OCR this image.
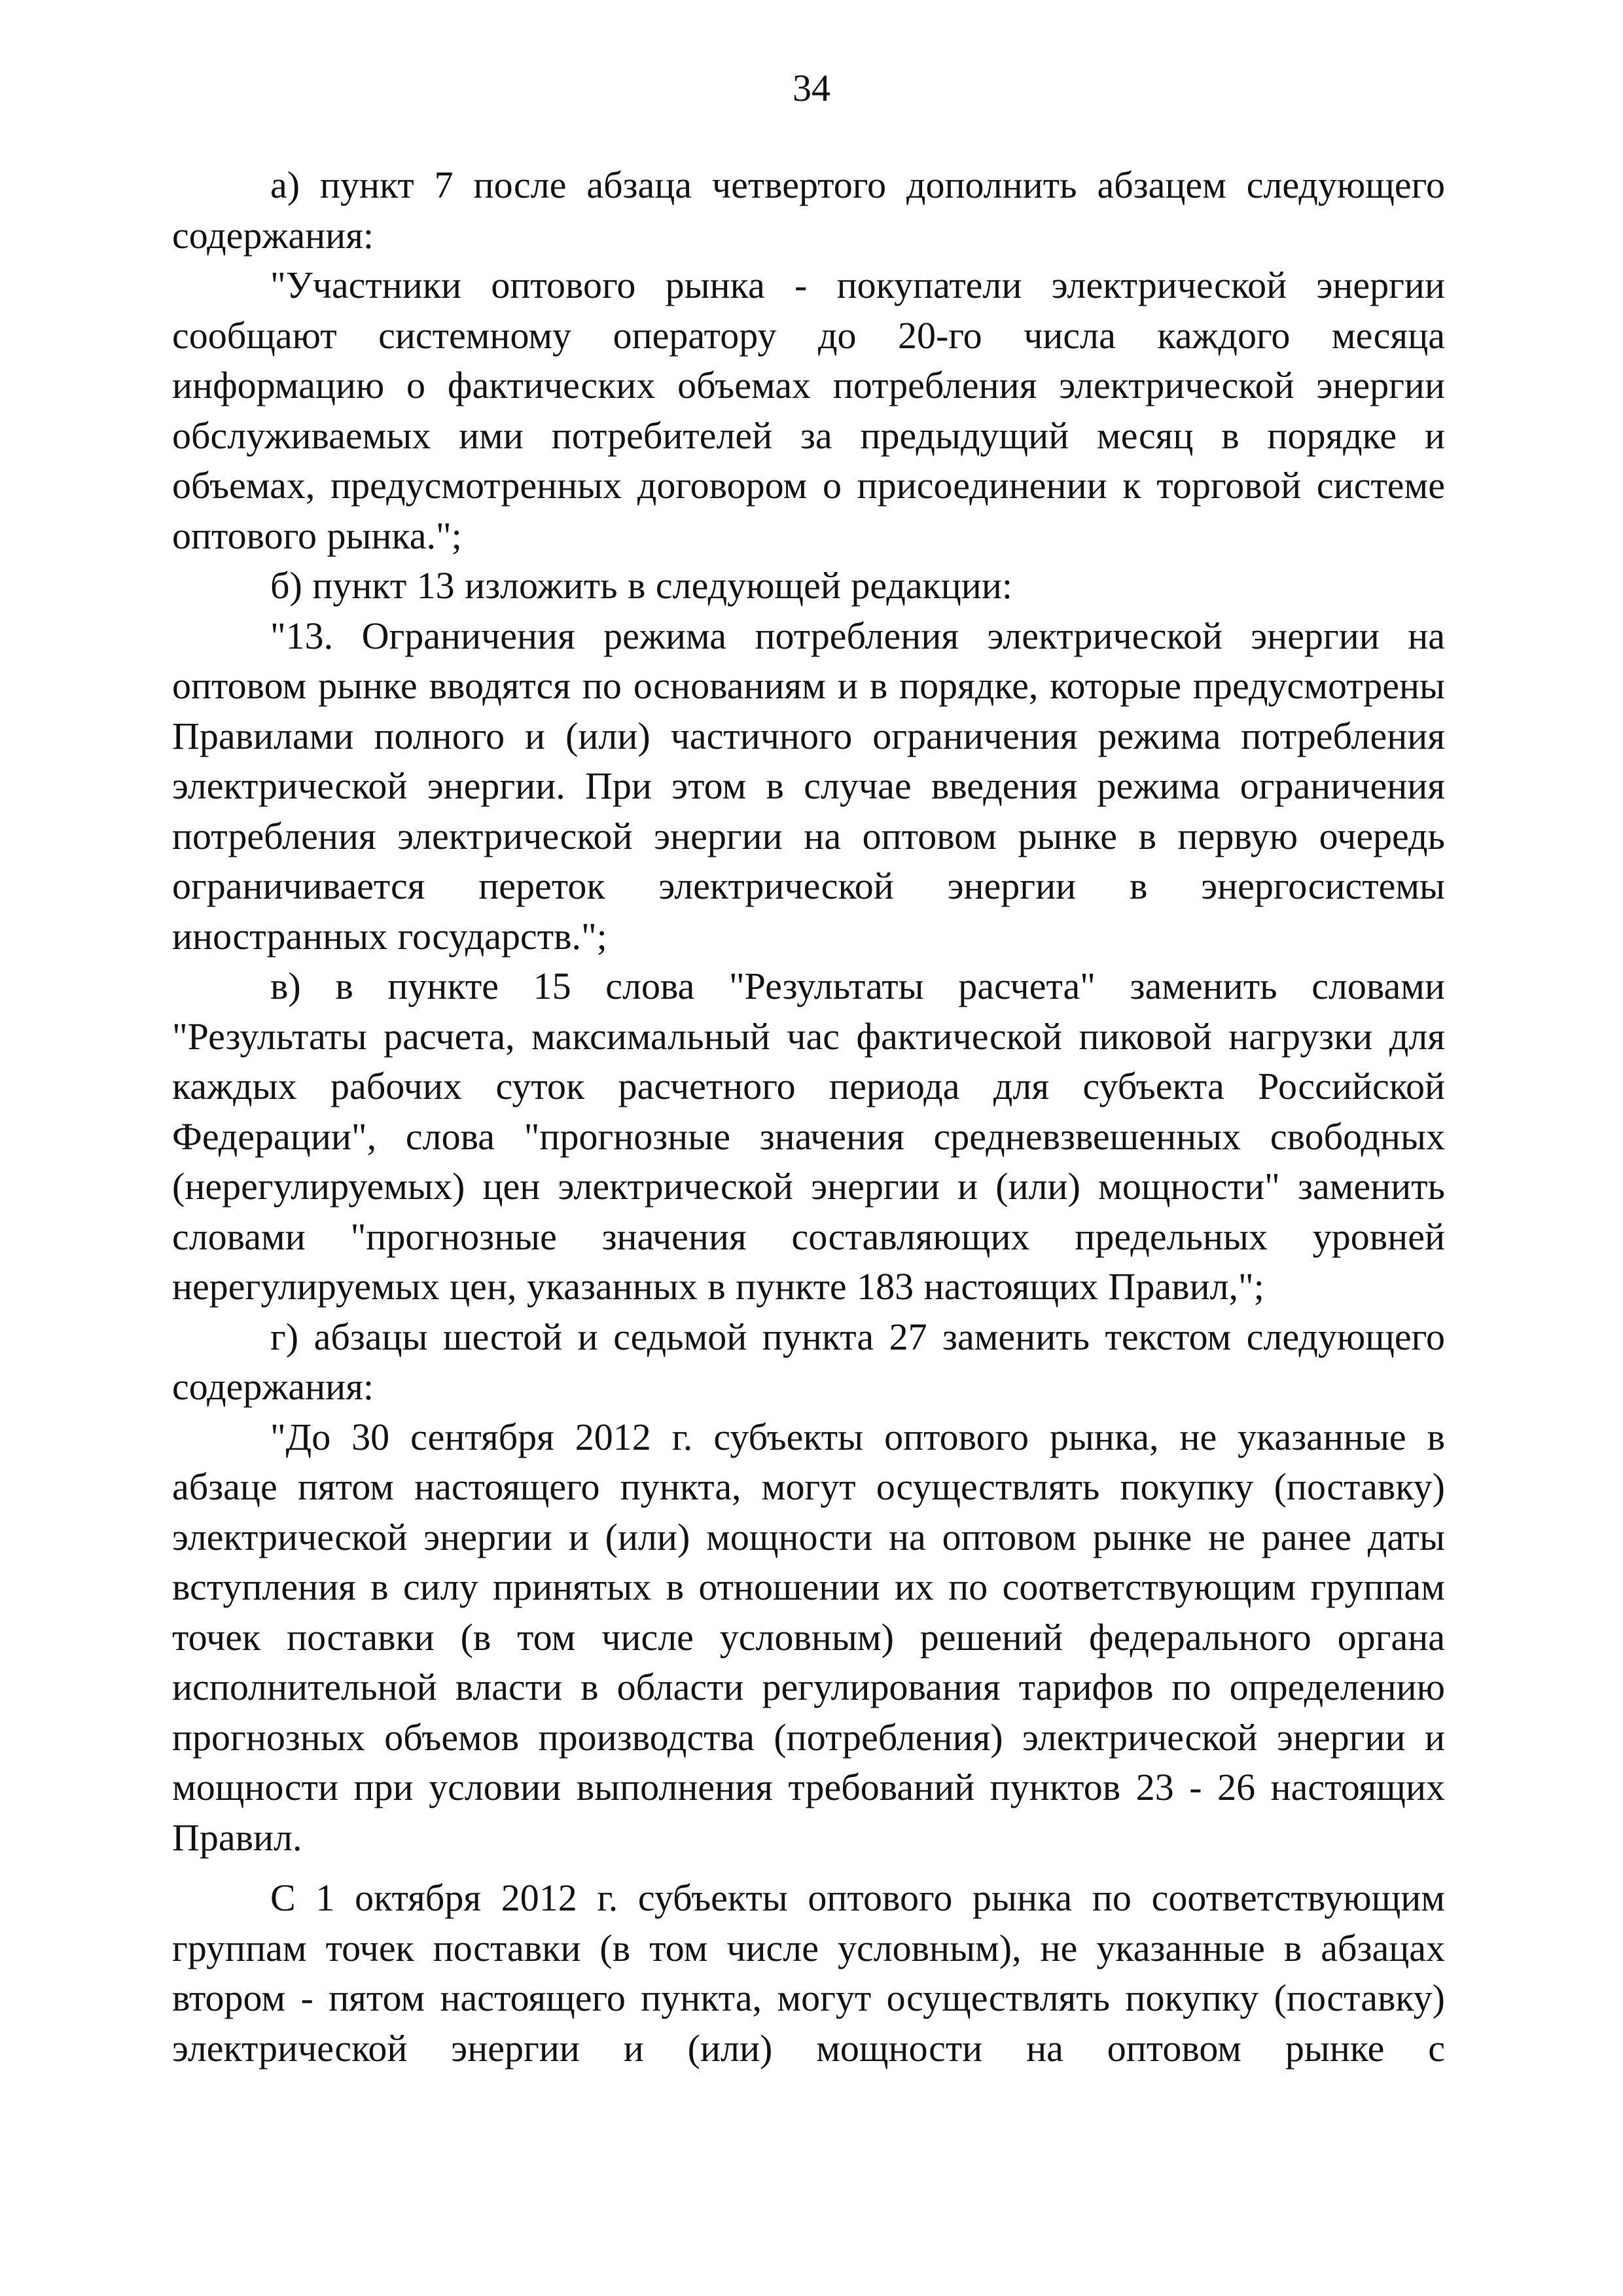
34

а) пункт 7 после абзаца четвертого дополнить абзацем следующего содержания:

"Участники оптового рынка - покупатели электрической энергии сообщают системному оператору до 20-го числа каждого месяца информацию о фактических объемах потребления электрической энергии обслуживаемых ими потребителей за предыдущий месяц в порядке и объемах, предусмотренных договором о присоединении к торговой системе оптового рынка.";

б) пункт 13 изложить в следующей редакции:

"13. Ограничения режима потребления электрической энергии на оптовом рынке вводятся по основаниям и в порядке, которые предусмотрены Правилами полного и (или) частичного ограничения режима потребления электрической энергии. При этом в случае введения режима ограничения потребления электрической энергии на оптовом рынке в первую очередь ограничивается переток электрической энергии в энергосистемы иностранных государств.";

в) в пункте 15 слова "Результаты расчета" заменить словами "Результаты расчета, максимальный час фактической пиковой нагрузки для каждых рабочих суток расчетного периода для субъекта Российской Федерации", слова "прогнозные значения средневзвешенных свободных (нерегулируемых) цен электрической энергии и (или) мощности" заменить словами "прогнозные значения составляющих предельных уровней нерегулируемых цен, указанных в пункте 183 настоящих Правил,";

г) абзацы шестой и седьмой пункта 27 заменить текстом следующего содержания:

"До 30 сентября 2012 г. субъекты оптового рынка, не указанные в абзаце пятом настоящего пункта, могут осуществлять покупку (поставку) электрической энергии и (или) мощности на оптовом рынке не ранее даты вступления в силу принятых в отношении их по соответствующим группам точек поставки (в том числе условным) решений федерального органа исполнительной власти в области регулирования тарифов по определению прогнозных объемов производства (потребления) электрической энергии и мощности при условии выполнения требований пунктов 23 - 26 настоящих Правил.

С 1 октября 2012 г. субъекты оптового рынка по соответствующим группам точек поставки (в том числе условным), не указанные в абзацах втором - пятом настоящего пункта, могут осуществлять покупку (поставку) электрической энергии и (или) мощности на оптовом рынке с
